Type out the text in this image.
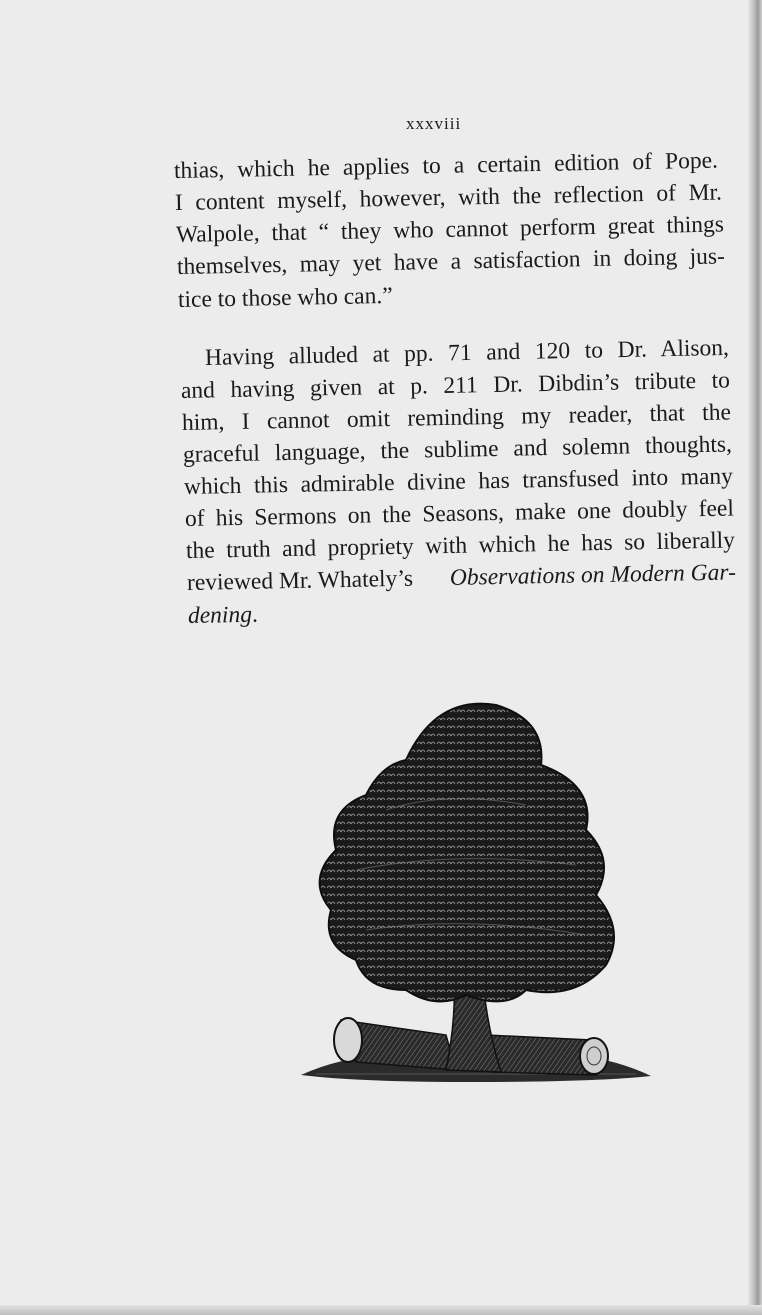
xxxviii
thias, which he applies to a certain edition of Pope.
I content myself, however, with the reflection of Mr.
Walpole, that “ they who cannot perform great things
themselves, may yet have a satisfaction in doing jus-
tice to those who can.”
Having alluded at pp. 71 and 120 to Dr. Alison,
and having given at p. 211 Dr. Dibdin’s tribute to
him, I cannot omit reminding my reader, that the
graceful language, the sublime and solemn thoughts,
which this admirable divine has transfused into many
of his Sermons on the Seasons, make one doubly feel
the truth and propriety with which he has so liberally
reviewed Mr. Whately’s Observations on Modern Gar-
dening.
